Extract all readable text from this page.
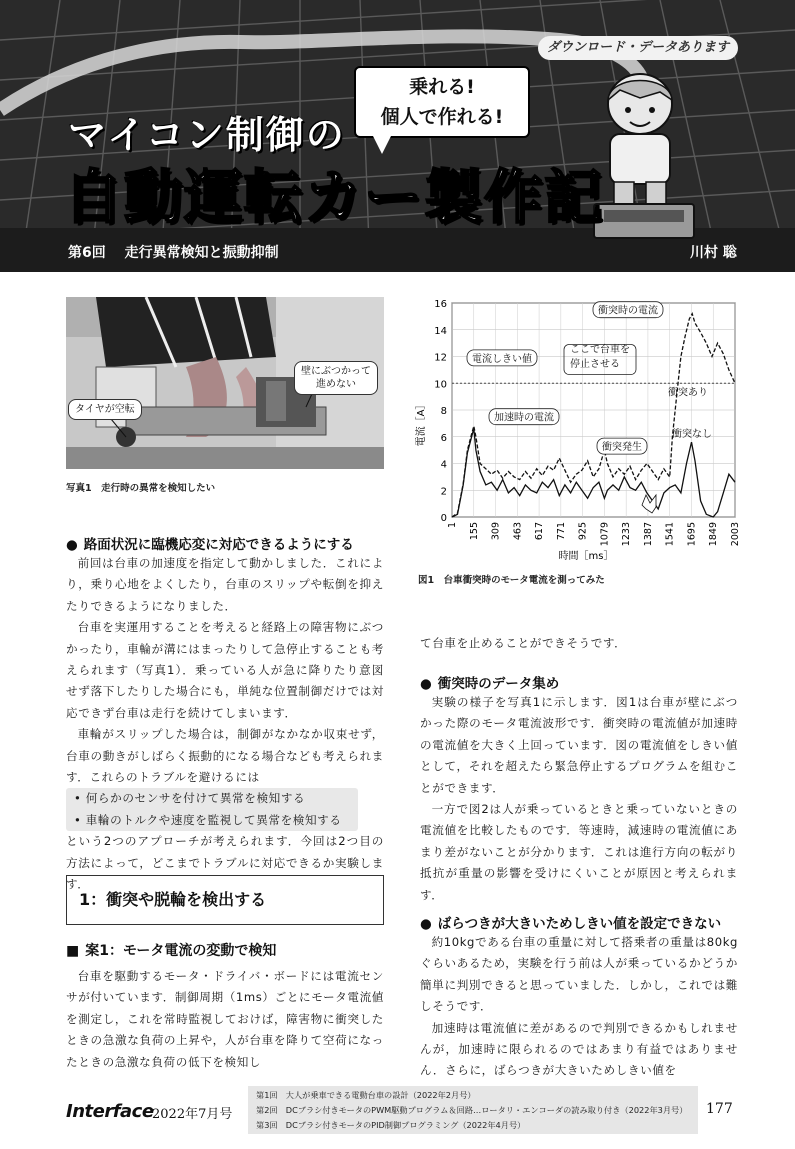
ダウンロード・データあります
乗れる!
個人で作れる!
マイコン制御の
自動運転カー製作記
第6回　 走行異常検知と振動抑制	川村 聡
タイヤが空転
壁にぶつかって
進めない
写真1　走行時の異常を検知したい
0
2
4
6
8
10
12
14
16
1 155 309 463 617 771 925 1079 1233 1387 1541 1695 1849 2003
電流しきい値
加速時の電流
衝突時の電流
ここで台車を
停止させる
衝突あり
衝突発生
衝突なし
電流［A］
時間［ms］
図1　台車衝突時のモータ電流を測ってみた
● 路面状況に臨機応変に対応できるようにする

前回は台車の加速度を指定して動かしました．これにより，乗り心地をよくしたり，台車のスリップや転倒を抑えたりできるようになりました．

台車を実運用することを考えると経路上の障害物にぶつかったり，車輪が溝にはまったりして急停止することも考えられます（写真1）．乗っている人が急に降りたり意図せず落下したりした場合にも，単純な位置制御だけでは対応できず台車は走行を続けてしまいます．

車輪がスリップした場合は，制御がなかなか収束せず，台車の動きがしばらく振動的になる場合なども考えられます．これらのトラブルを避けるには

• 何らかのセンサを付けて異常を検知する
• 車輪のトルクや速度を監視して異常を検知する

という2つのアプローチが考えられます．今回は2つ目の方法によって，どこまでトラブルに対応できるか実験します．

1：衝突や脱輪を検出する
■ 案1：モータ電流の変動で検知

台車を駆動するモータ・ドライバ・ボードには電流センサが付いています．制御周期（1ms）ごとにモータ電流値を測定し，これを常時監視しておけば，障害物に衝突したときの急激な負荷の上昇や，人が台車を降りて空荷になったときの急激な負荷の低下を検知し

て台車を止めることができそうです．

● 衝突時のデータ集め

実験の様子を写真1に示します．図1は台車が壁にぶつかった際のモータ電流波形です．衝突時の電流値が加速時の電流値を大きく上回っています．図の電流値をしきい値として，それを超えたら緊急停止するプログラムを組むことができます．

一方で図2は人が乗っているときと乗っていないときの電流値を比較したものです．等速時，減速時の電流値にあまり差がないことが分かります．これは進行方向の転がり抵抗が重量の影響を受けにくいことが原因と考えられます．

● ばらつきが大きいためしきい値を設定できない

約10kgである台車の重量に対して搭乗者の重量は80kgぐらいあるため，実験を行う前は人が乗っているかどうか簡単に判別できると思っていました．しかし，これでは難しそうです．

加速時は電流値に差があるので判別できるかもしれませんが，加速時に限られるのではあまり有益ではありません．さらに，ばらつきが大きいためしきい値を

Interface
2022年7月号
第1回　大人が乗車できる電動台車の設計（2022年2月号）
第2回　DCブラシ付きモータのPWM駆動プログラム＆回路…ロータリ・エンコーダの読み取り付き（2022年3月号）
第3回　DCブラシ付きモータのPID制御プログラミング（2022年4月号）
177
